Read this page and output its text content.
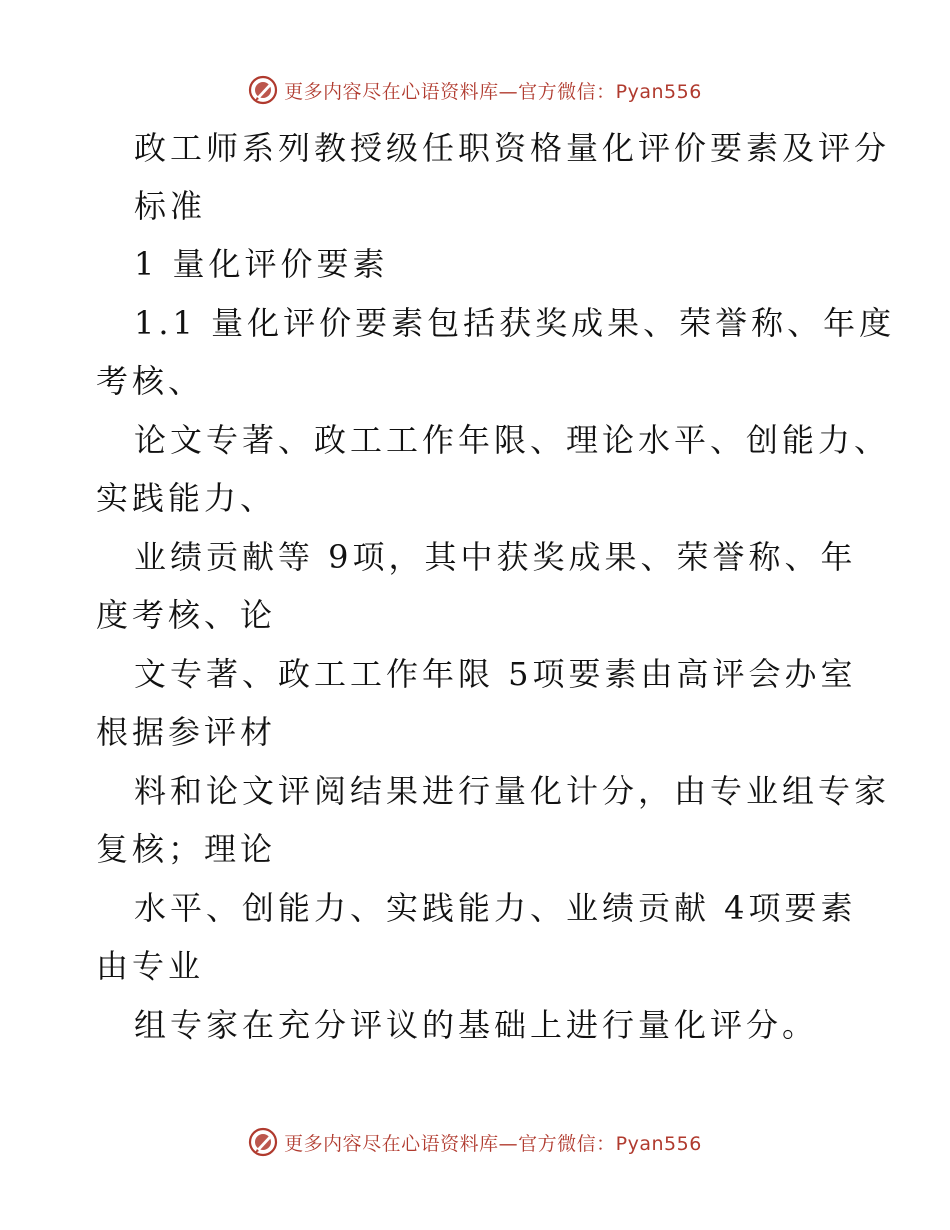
更多内容尽在心语资料库—官方微信：Pyan556
政工师系列教授级任职资格量化评价要素及评分
标准
1 量化评价要素
1.1 量化评价要素包括获奖成果、荣誉称、年度
考核、
论文专著、政工工作年限、理论水平、创能力、
实践能力、
业绩贡献等 9项，其中获奖成果、荣誉称、年
度考核、论
文专著、政工工作年限 5项要素由高评会办室
根据参评材
料和论文评阅结果进行量化计分，由专业组专家
复核；理论
水平、创能力、实践能力、业绩贡献 4项要素
由专业
组专家在充分评议的基础上进行量化评分。
更多内容尽在心语资料库—官方微信：Pyan556
